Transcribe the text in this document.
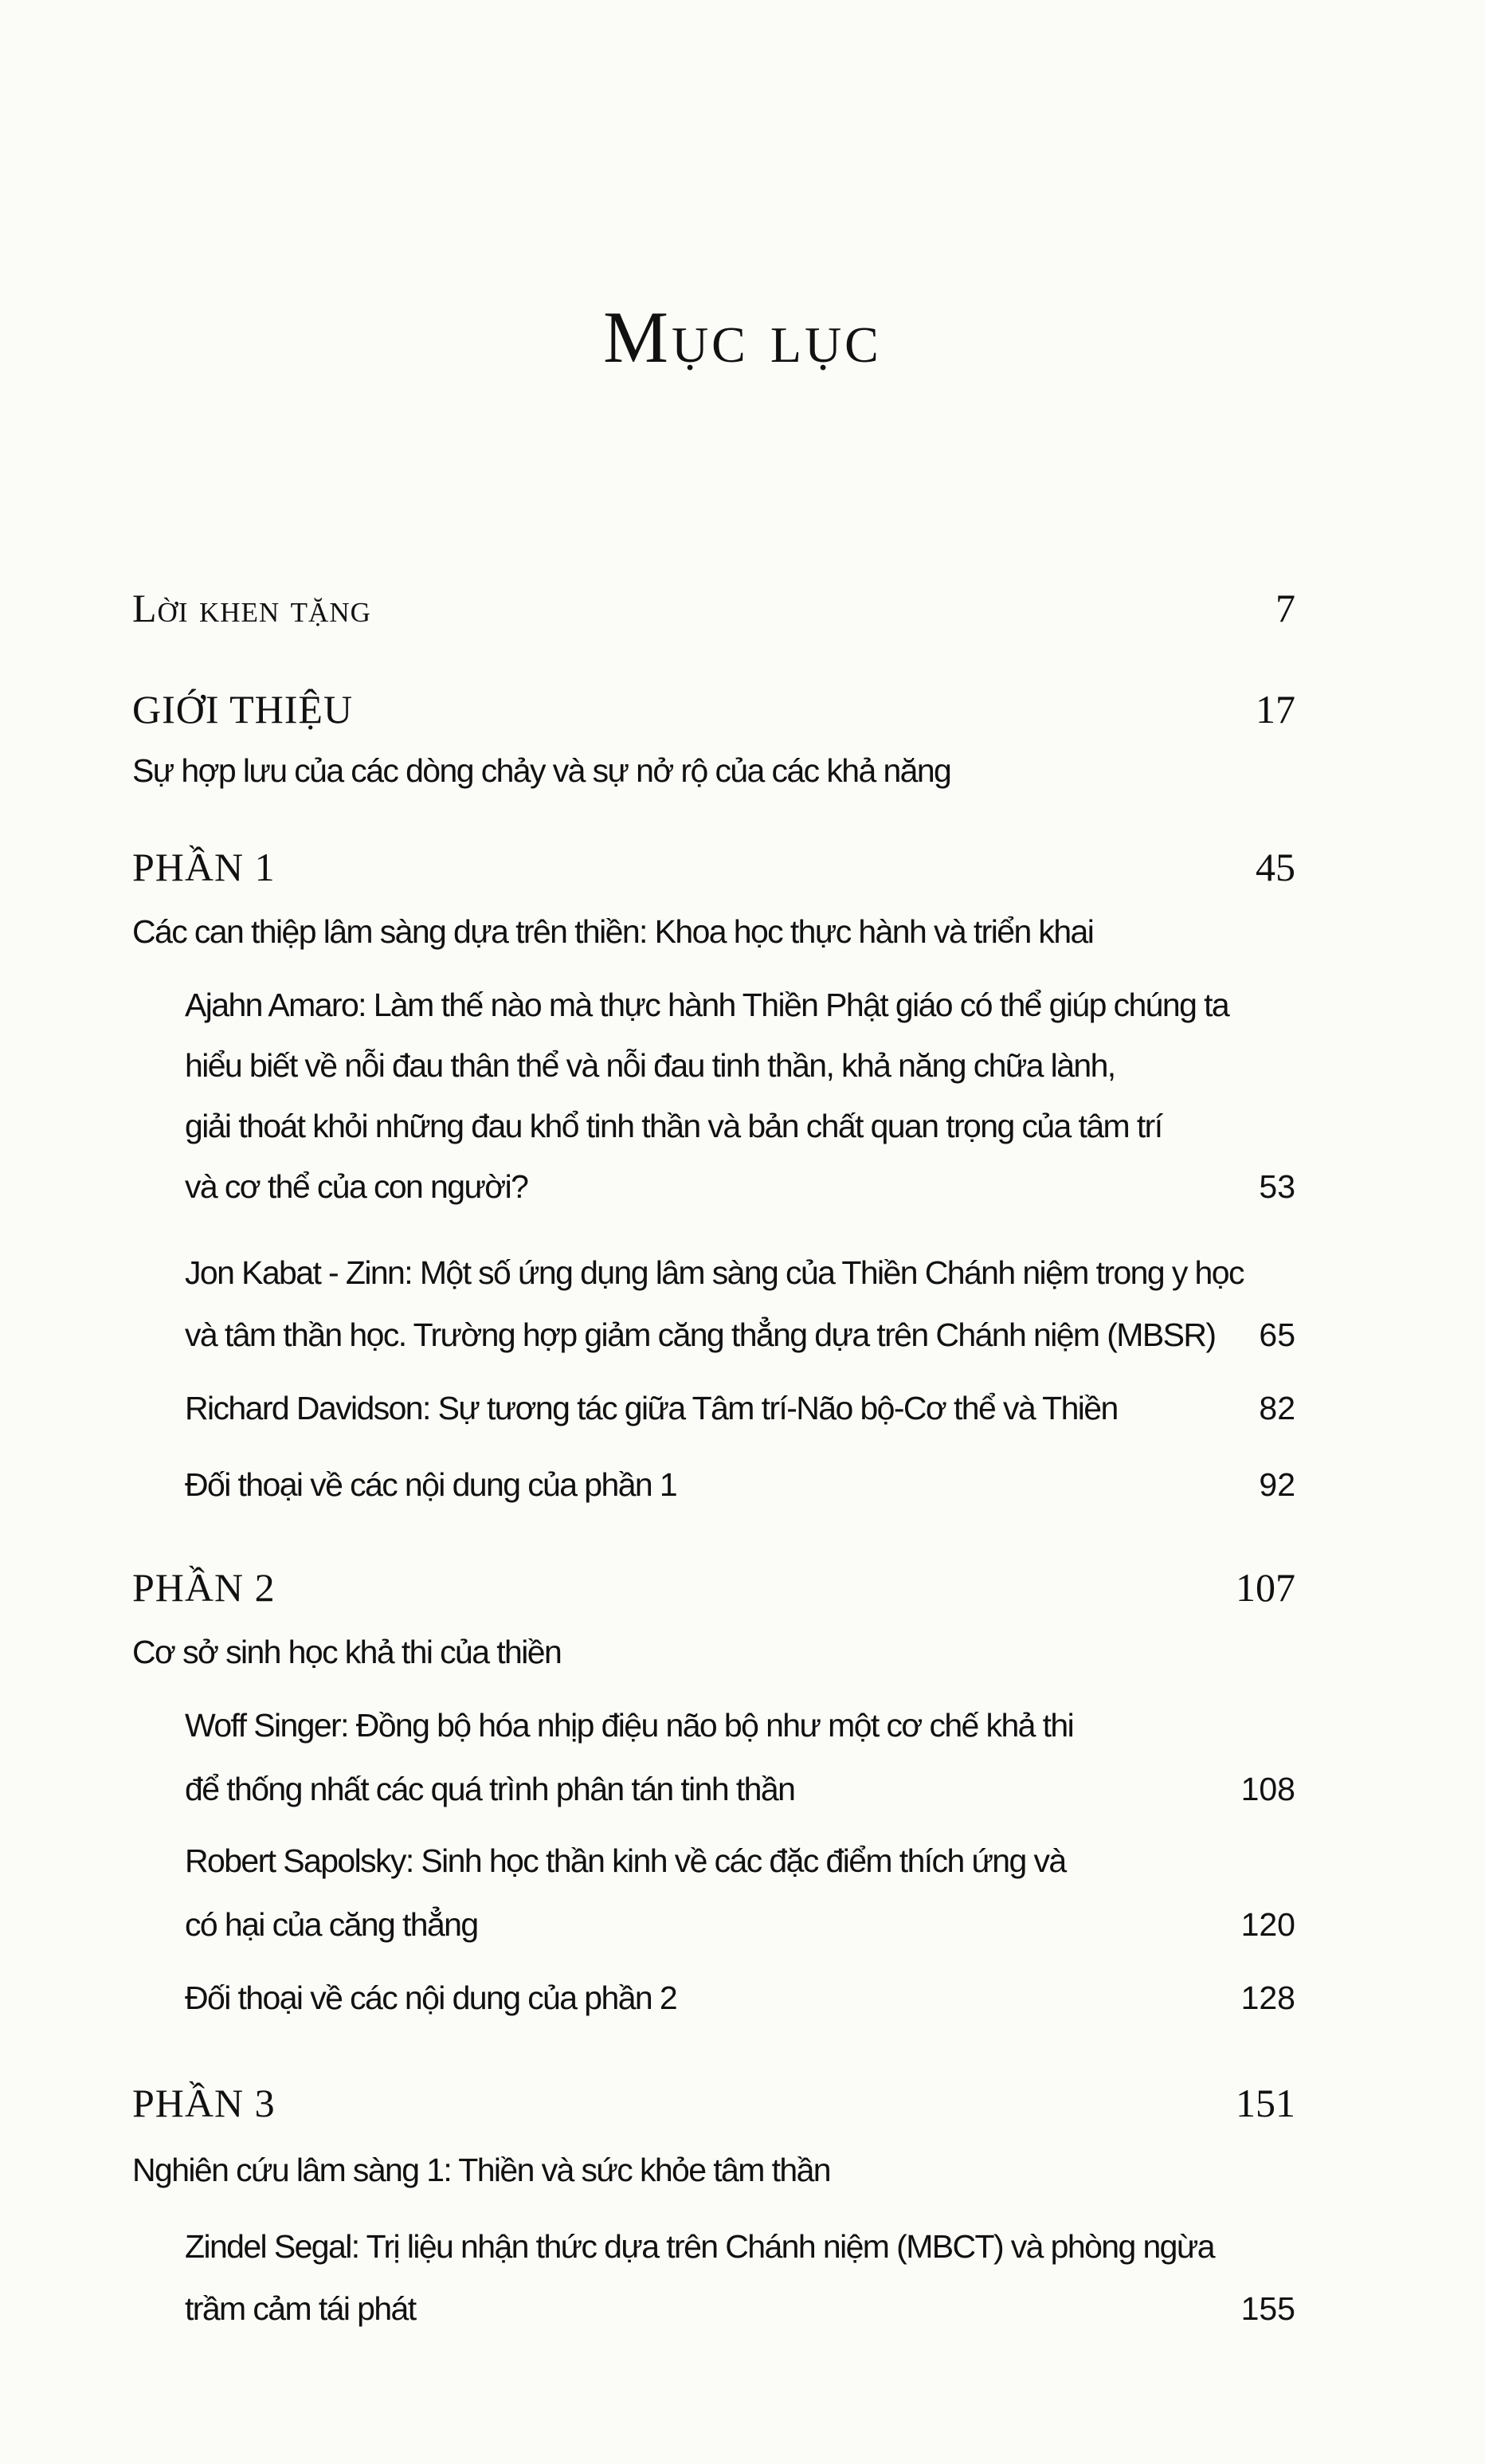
Mục lục
Lời khen tặng	7
GIỚI THIỆU	17
Sự hợp lưu của các dòng chảy và sự nở rộ của các khả năng
PHẦN 1	45
Các can thiệp lâm sàng dựa trên thiền: Khoa học thực hành và triển khai
Ajahn Amaro: Làm thế nào mà thực hành Thiền Phật giáo có thể giúp chúng ta
hiểu biết về nỗi đau thân thể và nỗi đau tinh thần, khả năng chữa lành,
giải thoát khỏi những đau khổ tinh thần và bản chất quan trọng của tâm trí
và cơ thể của con người?	53
Jon Kabat - Zinn: Một số ứng dụng lâm sàng của Thiền Chánh niệm trong y học
và tâm thần học. Trường hợp giảm căng thẳng dựa trên Chánh niệm (MBSR) 65
Richard Davidson: Sự tương tác giữa Tâm trí-Não bộ-Cơ thể và Thiền	82
Đối thoại về các nội dung của phần 1	92
PHẦN 2	107
Cơ sở sinh học khả thi của thiền
Woff Singer: Đồng bộ hóa nhịp điệu não bộ như một cơ chế khả thi
để thống nhất các quá trình phân tán tinh thần	108
Robert Sapolsky: Sinh học thần kinh về các đặc điểm thích ứng và
có hại của căng thẳng	120
Đối thoại về các nội dung của phần 2	128
PHẦN 3	151
Nghiên cứu lâm sàng 1: Thiền và sức khỏe tâm thần
Zindel Segal: Trị liệu nhận thức dựa trên Chánh niệm (MBCT) và phòng ngừa
trầm cảm tái phát	155
